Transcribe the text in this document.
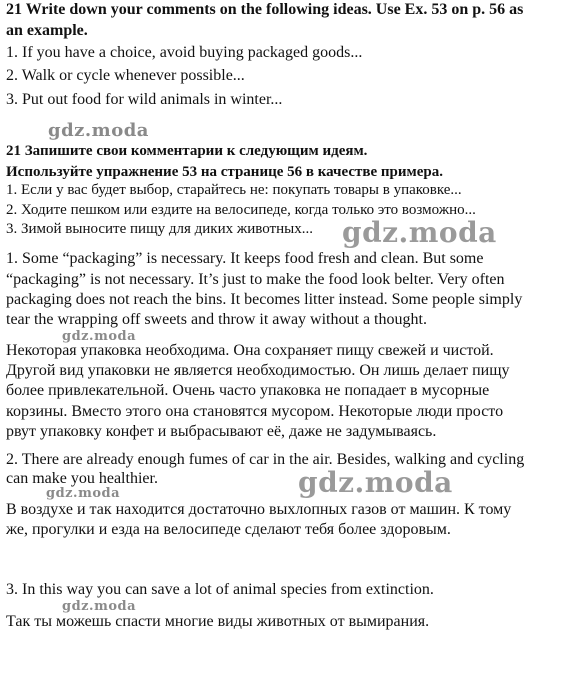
21 Write down your comments on the following ideas. Use Ex. 53 on p. 56 as
an example.
1. If you have a choice, avoid buying packaged goods...
2. Walk or cycle whenever possible...
3. Put out food for wild animals in winter...
21 Запишите свои комментарии к следующим идеям.
Используйте упражнение 53 на странице 56 в качестве примера.
1. Если у вас будет выбор, старайтесь не: покупать товары в упаковке...
2. Ходите пешком или ездите на велосипеде, когда только это возможно...
3. Зимой выносите пищу для диких животных...
1. Some “packaging” is necessary. It keeps food fresh and clean. But some
“packaging” is not necessary. It’s just to make the food look belter. Very often
packaging does not reach the bins. It becomes litter instead. Some people simply
tear the wrapping off sweets and throw it away without a thought.
Некоторая упаковка необходима. Она сохраняет пищу свежей и чистой.
Другой вид упаковки не является необходимостью. Он лишь делает пищу
более привлекательной. Очень часто упаковка не попадает в мусорные
корзины. Вместо этого она становятся мусором. Некоторые люди просто
рвут упаковку конфет и выбрасывают её, даже не задумываясь.
2. There are already enough fumes of car in the air. Besides, walking and cycling
can make you healthier.
В воздухе и так находится достаточно выхлопных газов от машин. К тому
же, прогулки и езда на велосипеде сделают тебя более здоровым.
3. In this way you can save a lot of animal species from extinction.
Так ты можешь спасти многие виды животных от вымирания.
gdz.moda
gdz.moda
gdz.moda
gdz.moda
gdz.moda
gdz.moda
